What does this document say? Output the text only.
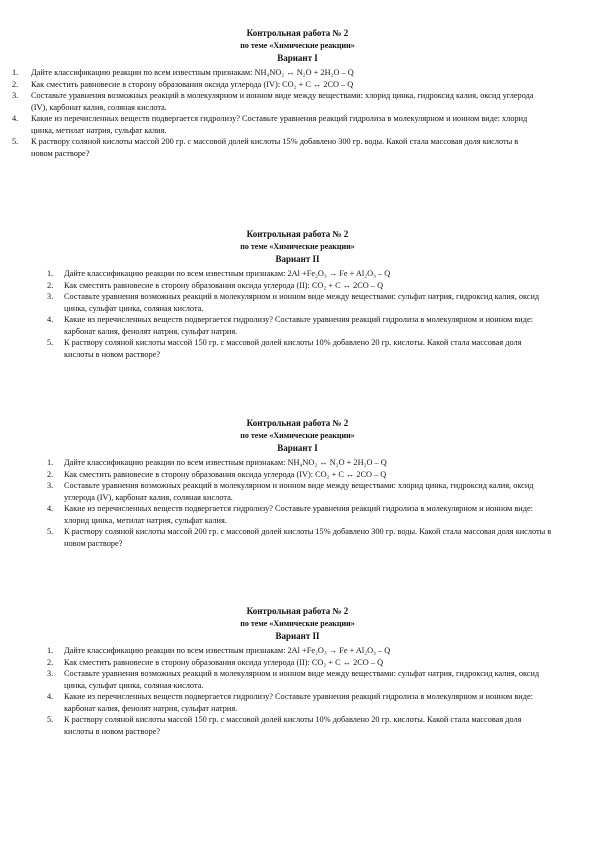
Контрольная работа № 2

по теме «Химические реакции»

Вариант I

1. Дайте классификацию реакции по всем известным признакам: NH₄NO₂ ↔ N₂O + 2H₂O – Q
2. Как сместить равновесие в сторону образования оксида углерода (IV): CO₂ + C ↔ 2CO – Q
3. Составьте уравнения возможных реакций в молекулярном и ионном виде между веществами: хлорид цинка, гидроксид калия, оксид углерода (IV), карбонат калия, соляная кислота.
4. Какие из перечисленных веществ подвергается гидролизу? Составьте уравнения реакций гидролиза в молекулярном и ионном виде: хлорид цинка, метилат натрия, сульфат калия.
5. К раствору соляной кислоты массой 200 гр. с массовой долей кислоты 15% добавлено 300 гр. воды. Какой стала массовая доля кислоты в новом растворе?

Контрольная работа № 2

по теме «Химические реакции»

Вариант II

1. Дайте классификацию реакции по всем известным признакам: 2Al +Fe₂O₃ → Fe + Al₂O₃ – Q
2. Как сместить равновесие в сторону образования оксида углерода (II): CO₂ + C ↔ 2CO – Q
3. Составьте уравнения возможных реакций в молекулярном и ионном виде между веществами: сульфат натрия, гидроксид калия, оксид цинка, сульфат цинка, соляная кислота.
4. Какие из перечисленных веществ подвергается гидролизу? Составьте уравнения реакций гидролиза в молекулярном и ионном виде: карбонат калия, фенолят натрия, сульфат натрия.
5. К раствору соляной кислоты массой 150 гр. с массовой долей кислоты 10% добавлено 20 гр. кислоты. Какой стала массовая доля кислоты в новом растворе?

Контрольная работа № 2

по теме «Химические реакции»

Вариант I

1. Дайте классификацию реакции по всем известным признакам: NH₄NO₂ ↔ N₂O + 2H₂O – Q
2. Как сместить равновесие в сторону образования оксида углерода (IV): CO₂ + C ↔ 2CO – Q
3. Составьте уравнения возможных реакций в молекулярном и ионном виде между веществами: хлорид цинка, гидроксид калия, оксид углерода (IV), карбонат калия, соляная кислота.
4. Какие из перечисленных веществ подвергается гидролизу? Составьте уравнения реакций гидролиза в молекулярном и ионном виде: хлорид цинка, метилат натрия, сульфат калия.
5. К раствору соляной кислоты массой 200 гр. с массовой долей кислоты 15% добавлено 300 гр. воды. Какой стала массовая доля кислоты в новом растворе?

Контрольная работа № 2

по теме «Химические реакции»

Вариант II

1. Дайте классификацию реакции по всем известным признакам: 2Al +Fe₂O₃ → Fe + Al₂O₃ – Q
2. Как сместить равновесие в сторону образования оксида углерода (II): CO₂ + C ↔ 2CO – Q
3. Составьте уравнения возможных реакций в молекулярном и ионном виде между веществами: сульфат натрия, гидроксид калия, оксид цинка, сульфат цинка, соляная кислота.
4. Какие из перечисленных веществ подвергается гидролизу? Составьте уравнения реакций гидролиза в молекулярном и ионном виде: карбонат калия, фенолят натрия, сульфат натрия.
5. К раствору соляной кислоты массой 150 гр. с массовой долей кислоты 10% добавлено 20 гр. кислоты. Какой стала массовая доля кислоты в новом растворе?
